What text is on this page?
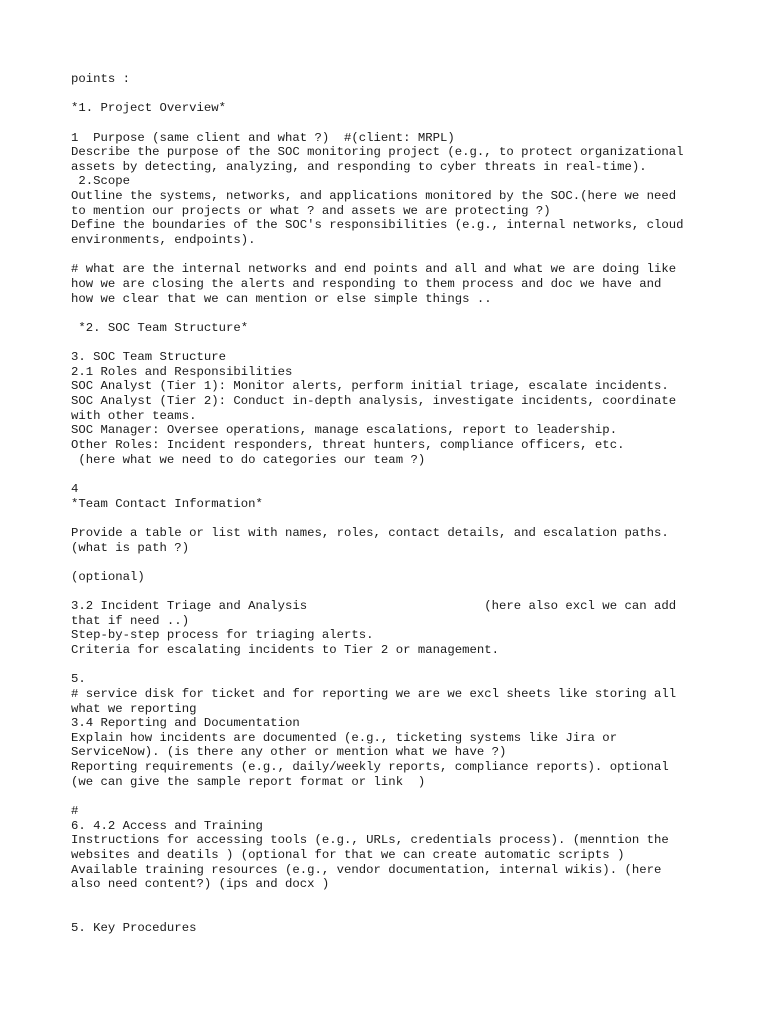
points :
*1. Project Overview*
1  Purpose (same client and what ?)  #(client: MRPL)
Describe the purpose of the SOC monitoring project (e.g., to protect organizational
assets by detecting, analyzing, and responding to cyber threats in real-time).
2.Scope
Outline the systems, networks, and applications monitored by the SOC.(here we need
to mention our projects or what ? and assets we are protecting ?)
Define the boundaries of the SOC's responsibilities (e.g., internal networks, cloud
environments, endpoints).
# what are the internal networks and end points and all and what we are doing like
how we are closing the alerts and responding to them process and doc we have and
how we clear that we can mention or else simple things ..
*2. SOC Team Structure*
3. SOC Team Structure
2.1 Roles and Responsibilities
SOC Analyst (Tier 1): Monitor alerts, perform initial triage, escalate incidents.
SOC Analyst (Tier 2): Conduct in-depth analysis, investigate incidents, coordinate
with other teams.
SOC Manager: Oversee operations, manage escalations, report to leadership.
Other Roles: Incident responders, threat hunters, compliance officers, etc.
(here what we need to do categories our team ?)
4
*Team Contact Information*
Provide a table or list with names, roles, contact details, and escalation paths.
(what is path ?)
(optional)
3.2 Incident Triage and Analysis                        (here also excl we can add
that if need ..)
Step-by-step process for triaging alerts.
Criteria for escalating incidents to Tier 2 or management.
5.
# service disk for ticket and for reporting we are we excl sheets like storing all
what we reporting
3.4 Reporting and Documentation
Explain how incidents are documented (e.g., ticketing systems like Jira or
ServiceNow). (is there any other or mention what we have ?)
Reporting requirements (e.g., daily/weekly reports, compliance reports). optional
(we can give the sample report format or link  )
#
6. 4.2 Access and Training
Instructions for accessing tools (e.g., URLs, credentials process). (menntion the
websites and deatils ) (optional for that we can create automatic scripts )
Available training resources (e.g., vendor documentation, internal wikis). (here
also need content?) (ips and docx )
5. Key Procedures
